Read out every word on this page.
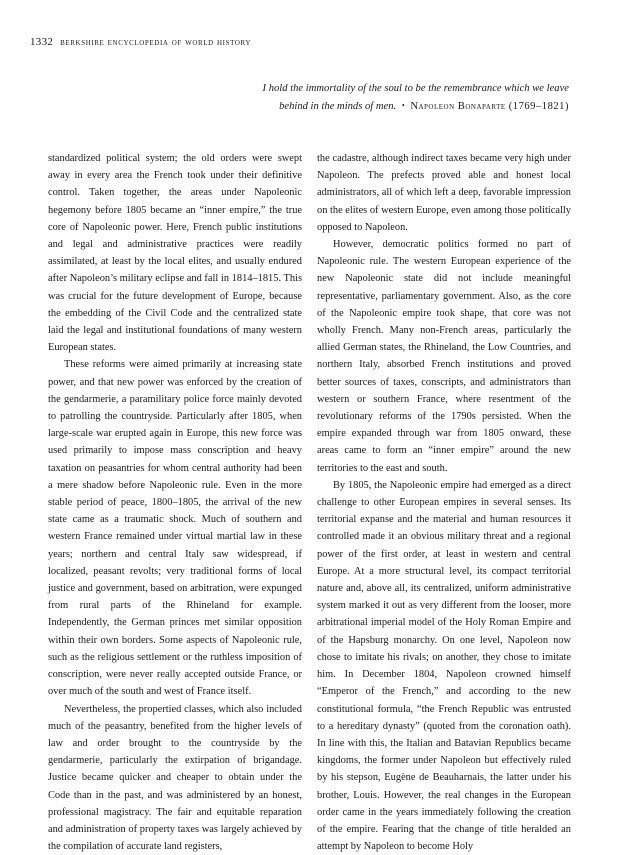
1332 berkshire encyclopedia of world history
I hold the immortality of the soul to be the remembrance which we leave behind in the minds of men. • Napoleon Bonaparte (1769–1821)

standardized political system; the old orders were swept away in every area the French took under their definitive control. Taken together, the areas under Napoleonic hegemony before 1805 became an “inner empire,” the true core of Napoleonic power. Here, French public institutions and legal and administrative practices were readily assimilated, at least by the local elites, and usually endured after Napoleon’s military eclipse and fall in 1814–1815. This was crucial for the future development of Europe, because the embedding of the Civil Code and the centralized state laid the legal and institutional foundations of many western European states.

These reforms were aimed primarily at increasing state power, and that new power was enforced by the creation of the gendarmerie, a paramilitary police force mainly devoted to patrolling the countryside. Particularly after 1805, when large-scale war erupted again in Europe, this new force was used primarily to impose mass conscription and heavy taxation on peasantries for whom central authority had been a mere shadow before Napoleonic rule. Even in the more stable period of peace, 1800–1805, the arrival of the new state came as a traumatic shock. Much of southern and western France remained under virtual martial law in these years; northern and central Italy saw widespread, if localized, peasant revolts; very traditional forms of local justice and government, based on arbitration, were expunged from rural parts of the Rhineland for example. Independently, the German princes met similar opposition within their own borders. Some aspects of Napoleonic rule, such as the religious settlement or the ruthless imposition of conscription, were never really accepted outside France, or over much of the south and west of France itself.

Nevertheless, the propertied classes, which also included much of the peasantry, benefited from the higher levels of law and order brought to the countryside by the gendarmerie, particularly the extirpation of brigandage. Justice became quicker and cheaper to obtain under the Code than in the past, and was administered by an honest, professional magistracy. The fair and equitable reparation and administration of property taxes was largely achieved by the compilation of accurate land registers,

the cadastre, although indirect taxes became very high under Napoleon. The prefects proved able and honest local administrators, all of which left a deep, favorable impression on the elites of western Europe, even among those politically opposed to Napoleon.

However, democratic politics formed no part of Napoleonic rule. The western European experience of the new Napoleonic state did not include meaningful representative, parliamentary government. Also, as the core of the Napoleonic empire took shape, that core was not wholly French. Many non-French areas, particularly the allied German states, the Rhineland, the Low Countries, and northern Italy, absorbed French institutions and proved better sources of taxes, conscripts, and administrators than western or southern France, where resentment of the revolutionary reforms of the 1790s persisted. When the empire expanded through war from 1805 onward, these areas came to form an “inner empire” around the new territories to the east and south.

By 1805, the Napoleonic empire had emerged as a direct challenge to other European empires in several senses. Its territorial expanse and the material and human resources it controlled made it an obvious military threat and a regional power of the first order, at least in western and central Europe. At a more structural level, its compact territorial nature and, above all, its centralized, uniform administrative system marked it out as very different from the looser, more arbitrational imperial model of the Holy Roman Empire and of the Hapsburg monarchy. On one level, Napoleon now chose to imitate his rivals; on another, they chose to imitate him. In December 1804, Napoleon crowned himself “Emperor of the French,” and according to the new constitutional formula, “the French Republic was entrusted to a hereditary dynasty” (quoted from the coronation oath). In line with this, the Italian and Batavian Republics became kingdoms, the former under Napoleon but effectively ruled by his stepson, Eugène de Beauharnais, the latter under his brother, Louis. However, the real changes in the European order came in the years immediately following the creation of the empire. Fearing that the change of title heralded an attempt by Napoleon to become Holy
